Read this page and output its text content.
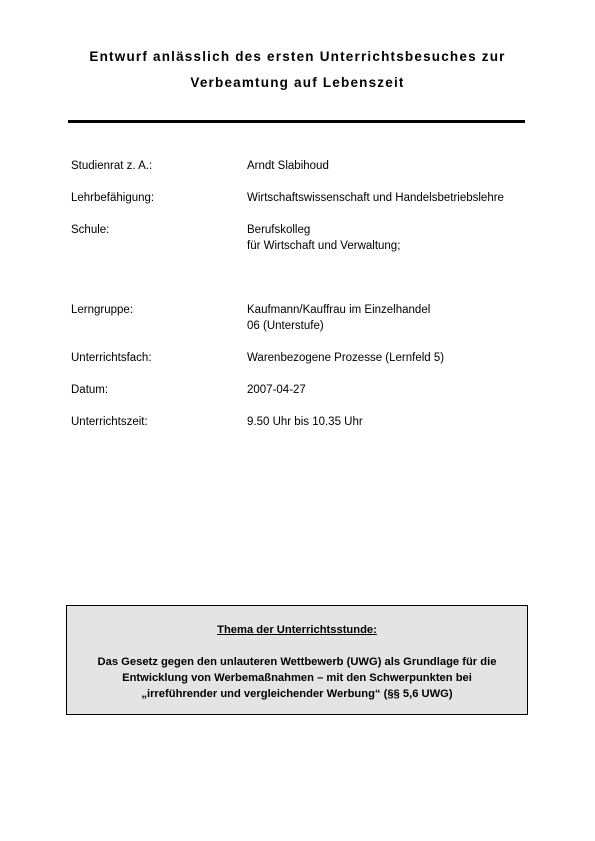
Entwurf anlässlich des ersten Unterrichtsbesuches zur
Verbeamtung auf Lebenszeit
Studienrat z. A.:	Arndt Slabihoud
Lehrbefähigung:	Wirtschaftswissenschaft und Handelsbetriebslehre
Schule:	Berufskolleg
für Wirtschaft und Verwaltung;
Lerngruppe:	Kaufmann/Kauffrau im Einzelhandel
06 (Unterstufe)
Unterrichtsfach:	Warenbezogene Prozesse (Lernfeld 5)
Datum:	2007-04-27
Unterrichtszeit:	9.50 Uhr bis 10.35 Uhr
Thema der Unterrichtsstunde:
Das Gesetz gegen den unlauteren Wettbewerb (UWG) als Grundlage für die
Entwicklung von Werbemaßnahmen – mit den Schwerpunkten bei
„irreführender und vergleichender Werbung“ (§§ 5,6 UWG)
